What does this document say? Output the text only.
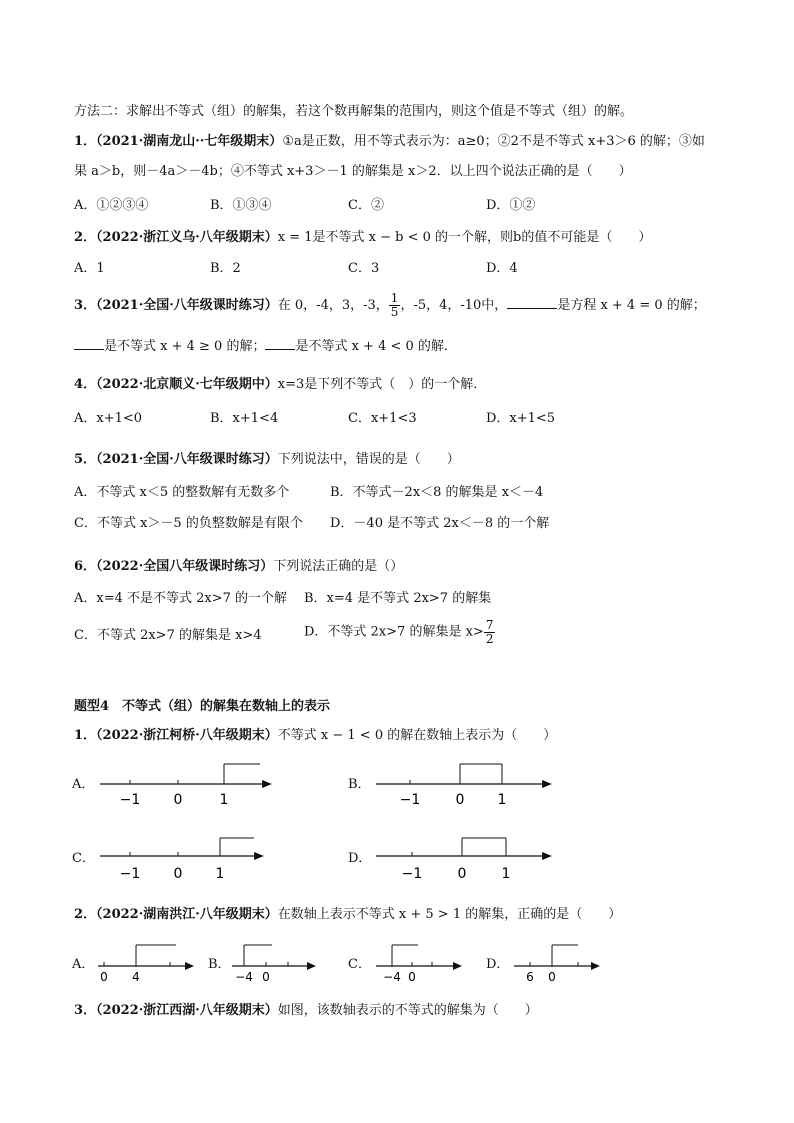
方法二：求解出不等式（组）的解集，若这个数再解集的范围内，则这个值是不等式（组）的解。
1．（2021·湖南龙山··七年级期末）①a是正数，用不等式表示为：a≥0；②2不是不等式 x+3＞6 的解；③如
果 a＞b，则－4a＞－4b；④不等式 x+3＞－1 的解集是 x＞2．以上四个说法正确的是（　　）
A．①②③④	B．①③④	C．②	D．①②
2．（2022·浙江义乌·八年级期末）x = 1是不等式 x − b < 0 的一个解，则b的值不可能是（　　）
A．1	B．2	C．3	D．4
3．（2021·全国·八年级课时练习）在 0，-4，3，-3， $\frac{1}{5}$ ，-5，4，-10中，	是方程 x + 4 = 0 的解；
是不等式 x + 4 ≥ 0 的解； 是不等式 x + 4 < 0 的解．
4．（2022·北京顺义·七年级期中）x=3是下列不等式（　）的一个解．
A．x+1<0	B．x+1<4	C．x+1<3	D．x+1<5
5．（2021·全国·八年级课时练习）下列说法中，错误的是（　　）
A．不等式 x＜5 的整数解有无数多个	B．不等式－2x＜8 的解集是 x＜－4
C．不等式 x＞－5 的负整数解是有限个 D．－40 是不等式 2x＜－8 的一个解
6．（2022·全国八年级课时练习）下列说法正确的是（）
A．x=4 不是不等式 2x>7 的一个解 B．x=4 是不等式 2x>7 的解集
C．不等式 2x>7 的解集是 x>4	D．不等式 2x>7 的解集是 $x> \frac{7}{2}$
题型4　不等式（组）的解集在数轴上的表示
1．（2022·浙江柯桥·八年级期末）不等式 x − 1 < 0 的解在数轴上表示为（　　）
A．
−1 0	1
B．
−1	0 1
C．
−1 0 1
D．
−1	0	1
2．（2022·湖南洪江·八年级期末）在数轴上表示不等式 x + 5 > 1 的解集，正确的是（　　）
A．
0 4
B．
−4 0
C．
−4 0
D．
6 0
3．（2022·浙江西湖·八年级期末）如图，该数轴表示的不等式的解集为（　　）
